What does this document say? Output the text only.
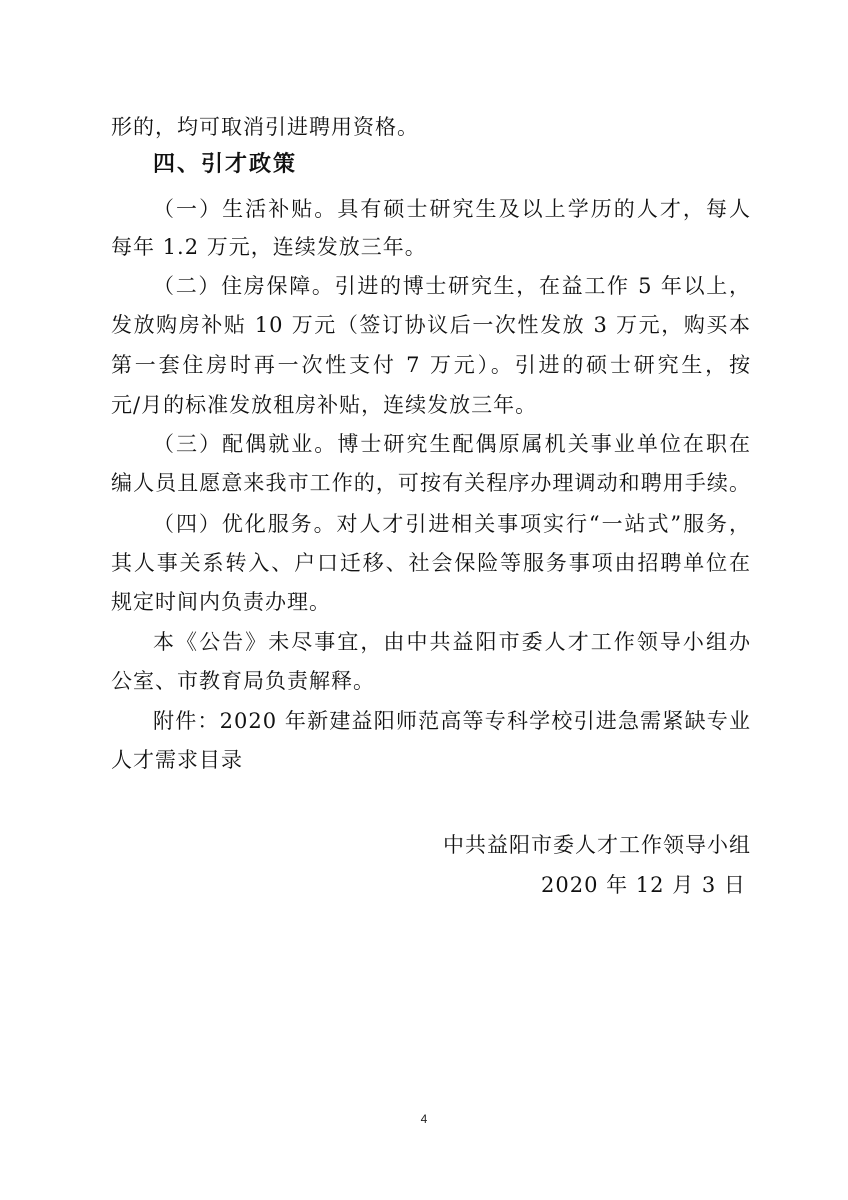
形的，均可取消引进聘用资格。
四、引才政策
（一）生活补贴。具有硕士研究生及以上学历的人才，每人
每年 1.2 万元，连续发放三年。
（二）住房保障。引进的博士研究生，在益工作 5 年以上，
发放购房补贴 10 万元（签订协议后一次性发放 3 万元，购买本
第一套住房时再一次性支付 7 万元）。引进的硕士研究生，按
元/月的标准发放租房补贴，连续发放三年。
（三）配偶就业。博士研究生配偶原属机关事业单位在职在
编人员且愿意来我市工作的，可按有关程序办理调动和聘用手续。
（四）优化服务。对人才引进相关事项实行“一站式”服务，
其人事关系转入、户口迁移、社会保险等服务事项由招聘单位在
规定时间内负责办理。
本《公告》未尽事宜，由中共益阳市委人才工作领导小组办
公室、市教育局负责解释。
附件：2020 年新建益阳师范高等专科学校引进急需紧缺专业
人才需求目录
中共益阳市委人才工作领导小组
2020 年 12 月 3 日
4
